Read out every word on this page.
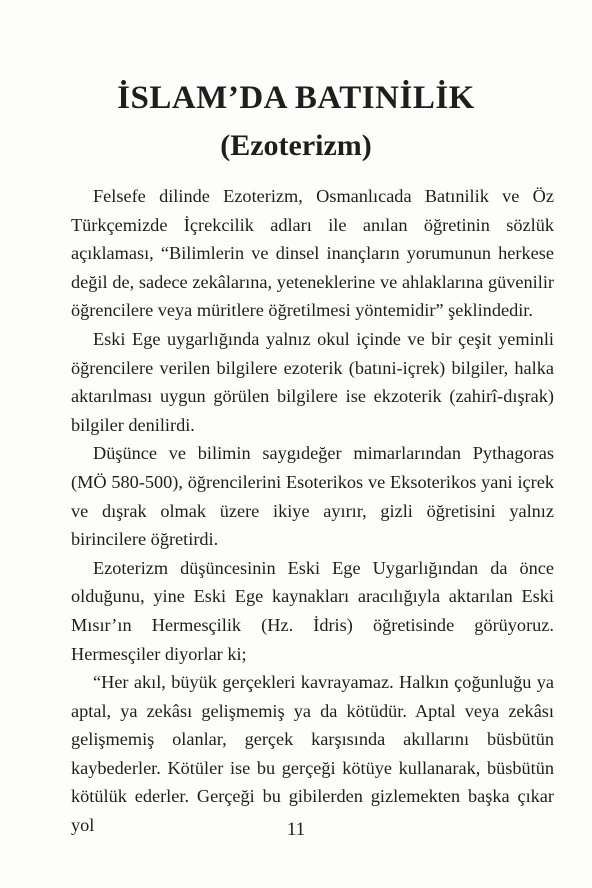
İSLAM’DA BATINİLİK
(Ezoterizm)

Felsefe dilinde Ezoterizm, Osmanlıcada Batınilik ve Öz Türkçemizde İçrekcilik adları ile anılan öğretinin sözlük açıklaması, “Bilimlerin ve dinsel inançların yorumunun herkese değil de, sadece zekâlarına, yeteneklerine ve ahlaklarına güvenilir öğrencilere veya müritlere öğretilmesi yöntemidir” şeklindedir.

Eski Ege uygarlığında yalnız okul içinde ve bir çeşit yeminli öğrencilere verilen bilgilere ezoterik (batıni-içrek) bilgiler, halka aktarılması uygun görülen bilgilere ise ekzoterik (zahirî-dışrak) bilgiler denilirdi.

Düşünce ve bilimin saygıdeğer mimarlarından Pythagoras (MÖ 580-500), öğrencilerini Esoterikos ve Eksoterikos yani içrek ve dışrak olmak üzere ikiye ayırır, gizli öğretisini yalnız birincilere öğretirdi.

Ezoterizm düşüncesinin Eski Ege Uygarlığından da önce olduğunu, yine Eski Ege kaynakları aracılığıyla aktarılan Eski Mısır’ın Hermesçilik (Hz. İdris) öğretisinde görüyoruz. Hermesçiler diyorlar ki;

“Her akıl, büyük gerçekleri kavrayamaz. Halkın çoğunluğu ya aptal, ya zekâsı gelişmemiş ya da kötüdür. Aptal veya zekâsı gelişmemiş olanlar, gerçek karşısında akıllarını büsbütün kaybederler. Kötüler ise bu gerçeği kötüye kullanarak, büsbütün kötülük ederler. Gerçeği bu gibilerden gizlemekten başka çıkar yol	11
